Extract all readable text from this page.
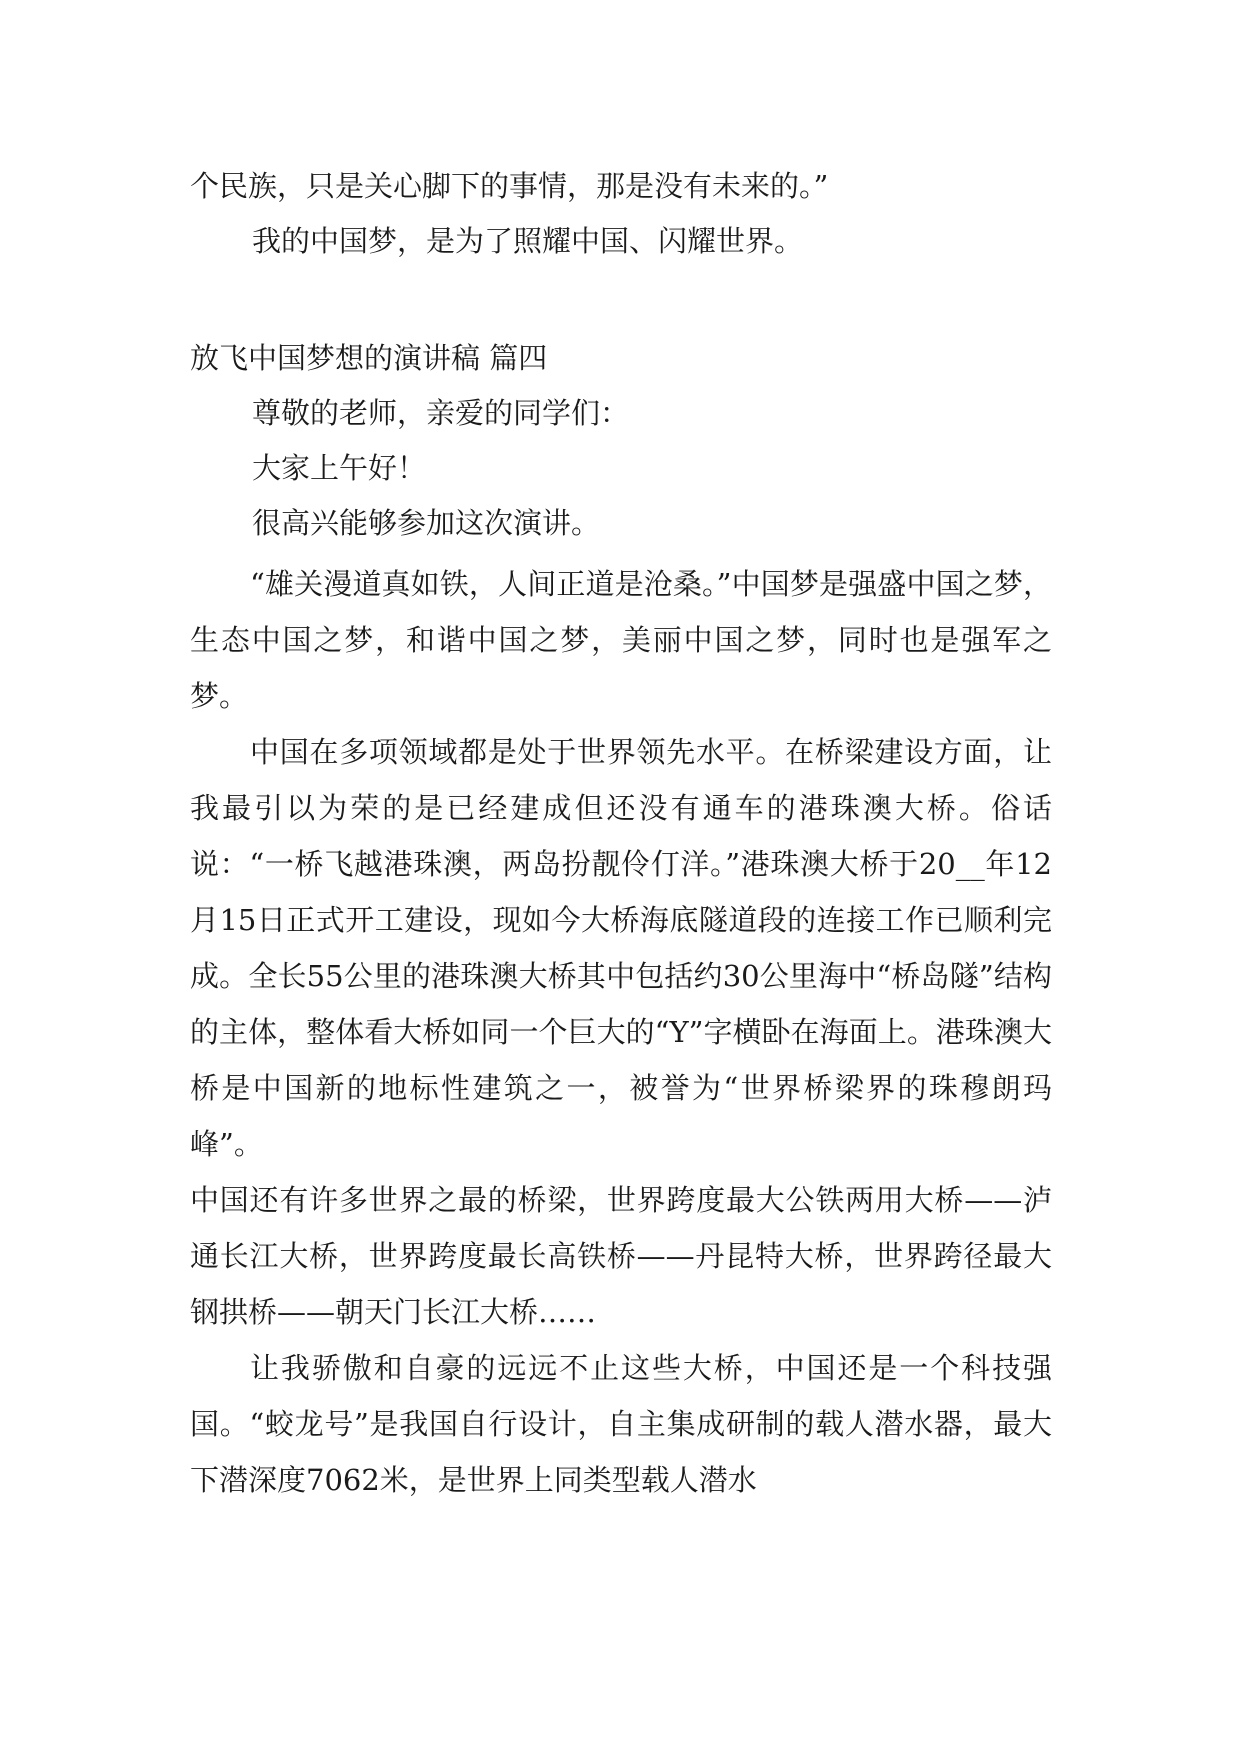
个民族，只是关心脚下的事情，那是没有未来的。”
我的中国梦，是为了照耀中国、闪耀世界。
放飞中国梦想的演讲稿 篇四
尊敬的老师，亲爱的同学们：
大家上午好！
很高兴能够参加这次演讲。

“雄关漫道真如铁，人间正道是沧桑。”中国梦是强盛中国之梦，生态中国之梦，和谐中国之梦，美丽中国之梦，同时也是强军之梦。

中国在多项领域都是处于世界领先水平。在桥梁建设方面，让我最引以为荣的是已经建成但还没有通车的港珠澳大桥。俗话说：“一桥飞越港珠澳，两岛扮靓伶仃洋。”港珠澳大桥于20__年12月15日正式开工建设，现如今大桥海底隧道段的连接工作已顺利完成。全长55公里的港珠澳大桥其中包括约30公里海中“桥岛隧”结构的主体，整体看大桥如同一个巨大的“Y”字横卧在海面上。港珠澳大桥是中国新的地标性建筑之一，被誉为“世界桥梁界的珠穆朗玛峰”。

中国还有许多世界之最的桥梁，世界跨度最大公铁两用大桥——泸通长江大桥，世界跨度最长高铁桥——丹昆特大桥，世界跨径最大钢拱桥——朝天门长江大桥……

让我骄傲和自豪的远远不止这些大桥，中国还是一个科技强国。“蛟龙号”是我国自行设计，自主集成研制的载人潜水器，最大下潜深度7062米，是世界上同类型载人潜水
